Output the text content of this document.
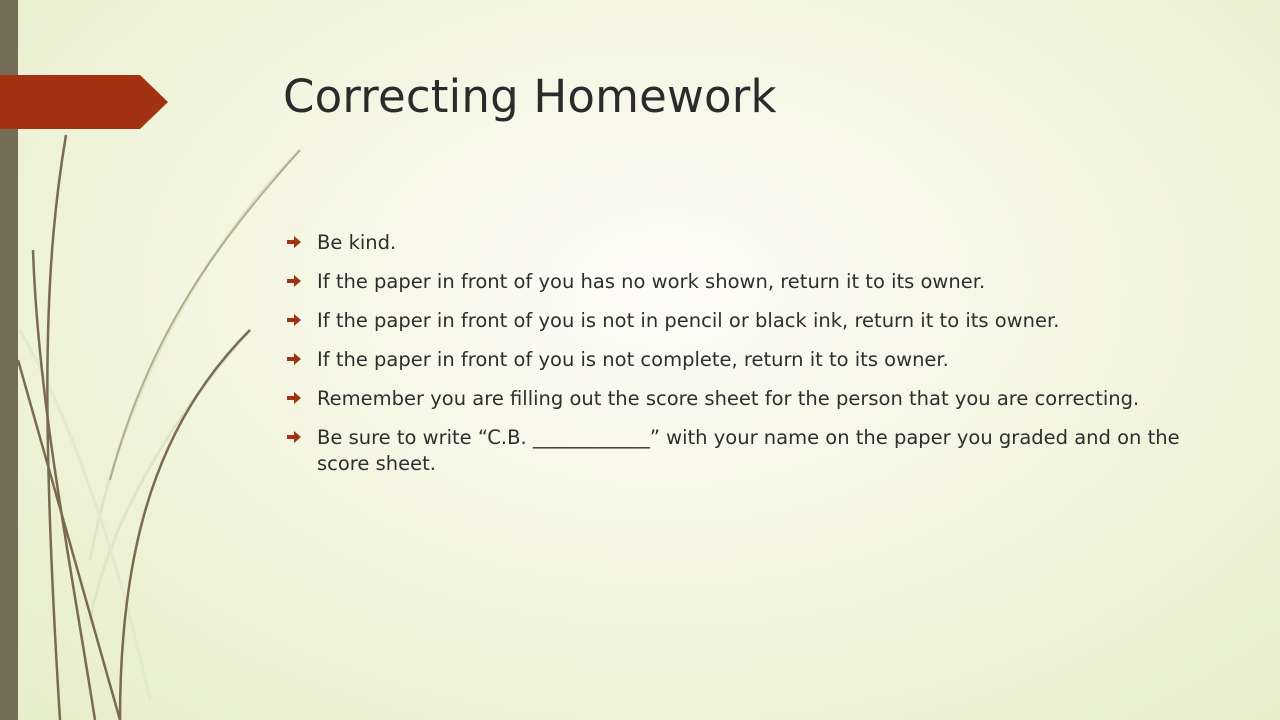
Correcting Homework
Be kind.
If the paper in front of you has no work shown, return it to its owner.
If the paper in front of you is not in pencil or black ink, return it to its owner.
If the paper in front of you is not complete, return it to its owner.
Remember you are filling out the score sheet for the person that you are correcting.
Be sure to write “C.B. ____________” with your name on the paper you graded and on the score sheet.
